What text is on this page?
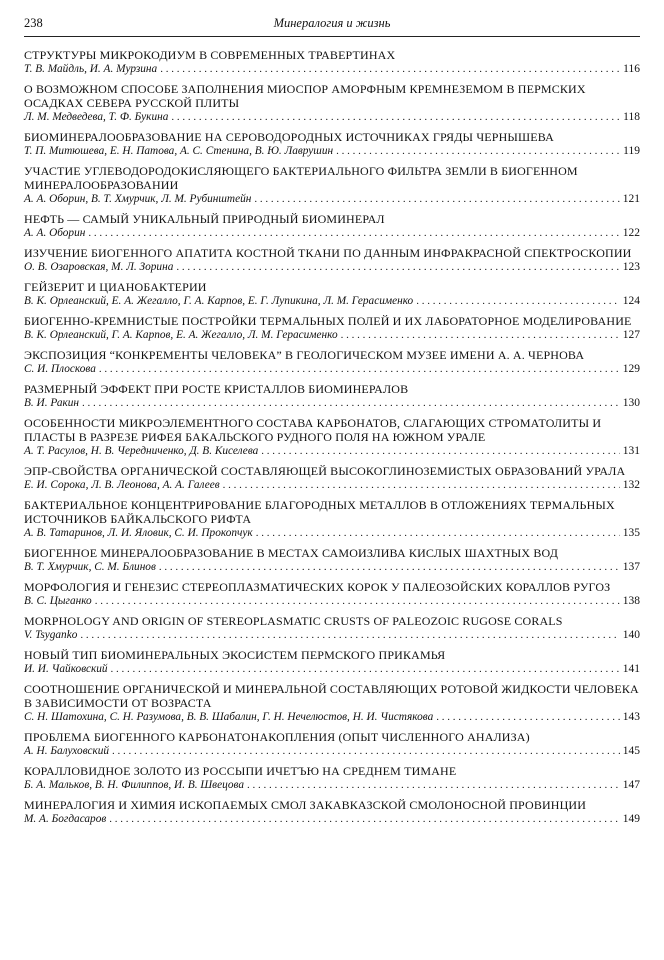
238	Минералогия и жизнь
СТРУКТУРЫ МИКРОКОДИУМ В СОВРЕМЕННЫХ ТРАВЕРТИНАХ
Т. В. Майдль, И. А. Мурзина . . .	116
О ВОЗМОЖНОМ СПОСОБЕ ЗАПОЛНЕНИЯ МИОСПОР АМОРФНЫМ КРЕМНЕЗЕМОМ В ПЕРМСКИХ ОСАДКАХ СЕВЕРА РУССКОЙ ПЛИТЫ
Л. М. Медведева, Т. Ф. Букина . . .	118
БИОМИНЕРАЛООБРАЗОВАНИЕ НА СЕРОВОДОРОДНЫХ ИСТОЧНИКАХ ГРЯДЫ ЧЕРНЫШЕВА
Т. П. Митюшева, Е. Н. Патова, А. С. Стенина, В. Ю. Лаврушин . . .	119
УЧАСТИЕ УГЛЕВОДОРОДОКИСЛЯЮЩЕГО БАКТЕРИАЛЬНОГО ФИЛЬТРА ЗЕМЛИ В БИОГЕННОМ МИНЕРАЛООБРАЗОВАНИИ
А. А. Оборин, В. Т. Хмурчик, Л. М. Рубинштейн . . .	121
НЕФТЬ — САМЫЙ УНИКАЛЬНЫЙ ПРИРОДНЫЙ БИОМИНЕРАЛ
А. А. Оборин . . .	122
ИЗУЧЕНИЕ БИОГЕННОГО АПАТИТА КОСТНОЙ ТКАНИ ПО ДАННЫМ ИНФРАКРАСНОЙ СПЕКТРОСКОПИИ
О. В. Озаровская, М. Л. Зорина . . .	123
ГЕЙЗЕРИТ И ЦИАНОБАКТЕРИИ
В. К. Орлеанский, Е. А. Жегалло, Г. А. Карпов, Е. Г. Лупикина, Л. М. Герасименко . . .	124
БИОГЕННО-КРЕМНИСТЫЕ ПОСТРОЙКИ ТЕРМАЛЬНЫХ ПОЛЕЙ И ИХ ЛАБОРАТОРНОЕ МОДЕЛИРОВАНИЕ
В. К. Орлеанский, Г. А. Карпов, Е. А. Жегалло, Л. М. Герасименко . . .	127
ЭКСПОЗИЦИЯ “КОНКРЕМЕНТЫ ЧЕЛОВЕКА” В ГЕОЛОГИЧЕСКОМ МУЗЕЕ ИМЕНИ А. А. ЧЕРНОВА
С. И. Плоскова . . .	129
РАЗМЕРНЫЙ ЭФФЕКТ ПРИ РОСТЕ КРИСТАЛЛОВ БИОМИНЕРАЛОВ
В. И. Ракин . . .	130
ОСОБЕННОСТИ МИКРОЭЛЕМЕНТНОГО СОСТАВА КАРБОНАТОВ, СЛАГАЮЩИХ СТРОМАТОЛИТЫ И ПЛАСТЫ В РАЗРЕЗЕ РИФЕЯ БАКАЛЬСКОГО РУДНОГО ПОЛЯ НА ЮЖНОМ УРАЛЕ
А. Т. Расулов, Н. В. Чередниченко, Д. В. Киселева . . .	131
ЭПР-СВОЙСТВА ОРГАНИЧЕСКОЙ СОСТАВЛЯЮЩЕЙ ВЫСОКОГЛИНОЗЕМИСТЫХ ОБРАЗОВАНИЙ УРАЛА
Е. И. Сорока, Л. В. Леонова, А. А. Галеев . . .	132
БАКТЕРИАЛЬНОЕ КОНЦЕНТРИРОВАНИЕ БЛАГОРОДНЫХ МЕТАЛЛОВ В ОТЛОЖЕНИЯХ ТЕРМАЛЬНЫХ ИСТОЧНИКОВ БАЙКАЛЬСКОГО РИФТА
А. В. Татаринов, Л. И. Яловик, С. И. Прокопчук . . .	135
БИОГЕННОЕ МИНЕРАЛООБРАЗОВАНИЕ В МЕСТАХ САМОИЗЛИВА КИСЛЫХ ШАХТНЫХ ВОД
В. Т. Хмурчик, С. М. Блинов . . .	137
МОРФОЛОГИЯ И ГЕНЕЗИС СТЕРЕОПЛАЗМАТИЧЕСКИХ КОРОК У ПАЛЕОЗОЙСКИХ КОРАЛЛОВ РУГОЗ
В. С. Цыганко . . .	138
MORPHOLOGY AND ORIGIN OF STEREOPLASMATIC CRUSTS OF PALEOZOIC RUGOSE CORALS
V. Tsyganko . . .	140
НОВЫЙ ТИП БИОМИНЕРАЛЬНЫХ ЭКОСИСТЕМ ПЕРМСКОГО ПРИКАМЬЯ
И. И. Чайковский . . .	141
СООТНОШЕНИЕ ОРГАНИЧЕСКОЙ И МИНЕРАЛЬНОЙ СОСТАВЛЯЮЩИХ РОТОВОЙ ЖИДКОСТИ ЧЕЛОВЕКА В ЗАВИСИМОСТИ ОТ ВОЗРАСТА
С. Н. Шатохина, С. Н. Разумова, В. В. Шабалин, Г. Н. Нечелюстов, Н. И. Чистякова . . .	143
ПРОБЛЕМА БИОГЕННОГО КАРБОНАТОНАКОПЛЕНИЯ (ОПЫТ ЧИСЛЕННОГО АНАЛИЗА)
А. Н. Балуховский . . .	145
КОРАЛЛОВИДНОЕ ЗОЛОТО ИЗ РОССЫПИ ИЧЕТЪЮ НА СРЕДНЕМ ТИМАНЕ
Б. А. Мальков, В. Н. Филиппов, И. В. Швецова . . .	147
МИНЕРАЛОГИЯ И ХИМИЯ ИСКОПАЕМЫХ СМОЛ ЗАКАВКАЗСКОЙ СМОЛОНОСНОЙ ПРОВИНЦИИ
М. А. Богдасаров . . .	149
